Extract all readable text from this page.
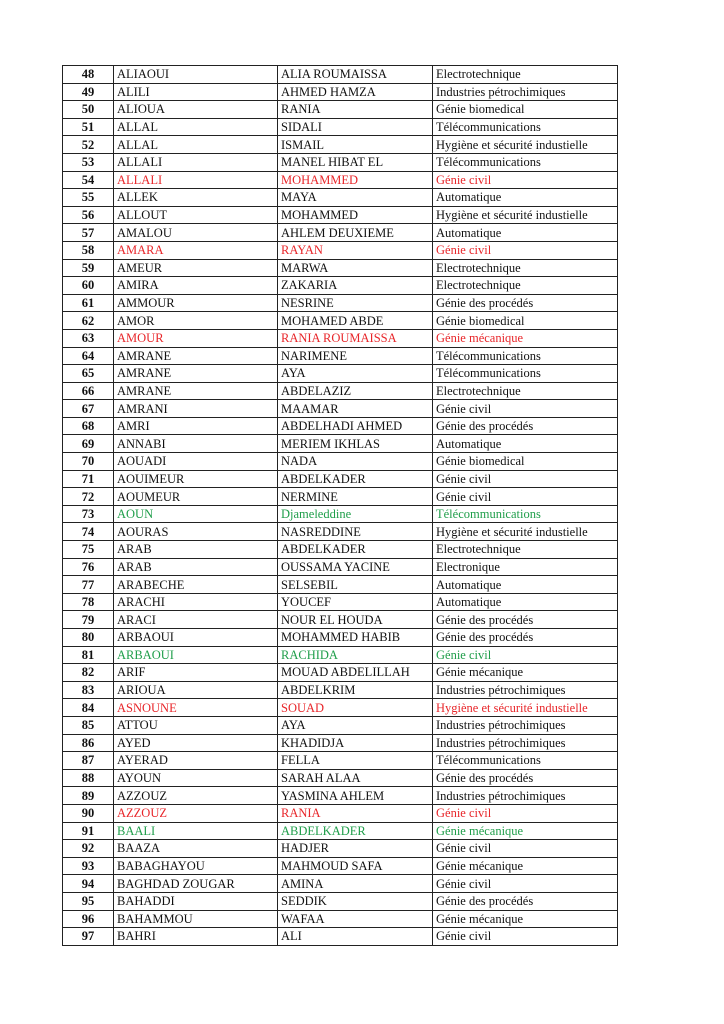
48	ALIAOUI	ALIA ROUMAISSA	Electrotechnique
49	ALILI	AHMED HAMZA	Industries pétrochimiques
50	ALIOUA	RANIA	Génie biomedical
51	ALLAL	SIDALI	Télécommunications
52	ALLAL	ISMAIL	Hygiène et sécurité industielle
53	ALLALI	MANEL HIBAT EL	Télécommunications
54	ALLALI	MOHAMMED	Génie civil
55	ALLEK	MAYA	Automatique
56	ALLOUT	MOHAMMED	Hygiène et sécurité industielle
57	AMALOU	AHLEM DEUXIEME	Automatique
58	AMARA	RAYAN	Génie civil
59	AMEUR	MARWA	Electrotechnique
60	AMIRA	ZAKARIA	Electrotechnique
61	AMMOUR	NESRINE	Génie des procédés
62	AMOR	MOHAMED ABDE	Génie biomedical
63	AMOUR	RANIA ROUMAISSA	Génie mécanique
64	AMRANE	NARIMENE	Télécommunications
65	AMRANE	AYA	Télécommunications
66	AMRANE	ABDELAZIZ	Electrotechnique
67	AMRANI	MAAMAR	Génie civil
68	AMRI	ABDELHADI AHMED	Génie des procédés
69	ANNABI	MERIEM IKHLAS	Automatique
70	AOUADI	NADA	Génie biomedical
71	AOUIMEUR	ABDELKADER	Génie civil
72	AOUMEUR	NERMINE	Génie civil
73	AOUN	Djameleddine	Télécommunications
74	AOURAS	NASREDDINE	Hygiène et sécurité industielle
75	ARAB	ABDELKADER	Electrotechnique
76	ARAB	OUSSAMA YACINE	Electronique
77	ARABECHE	SELSEBIL	Automatique
78	ARACHI	YOUCEF	Automatique
79	ARACI	NOUR EL HOUDA	Génie des procédés
80	ARBAOUI	MOHAMMED HABIB	Génie des procédés
81	ARBAOUI	RACHIDA	Génie civil
82	ARIF	MOUAD ABDELILLAH	Génie mécanique
83	ARIOUA	ABDELKRIM	Industries pétrochimiques
84	ASNOUNE	SOUAD	Hygiène et sécurité industielle
85	ATTOU	AYA	Industries pétrochimiques
86	AYED	KHADIDJA	Industries pétrochimiques
87	AYERAD	FELLA	Télécommunications
88	AYOUN	SARAH ALAA	Génie des procédés
89	AZZOUZ	YASMINA AHLEM	Industries pétrochimiques
90	AZZOUZ	RANIA	Génie civil
91	BAALI	ABDELKADER	Génie mécanique
92	BAAZA	HADJER	Génie civil
93	BABAGHAYOU	MAHMOUD SAFA	Génie mécanique
94	BAGHDAD ZOUGAR	AMINA	Génie civil
95	BAHADDI	SEDDIK	Génie des procédés
96	BAHAMMOU	WAFAA	Génie mécanique
97	BAHRI	ALI	Génie civil
